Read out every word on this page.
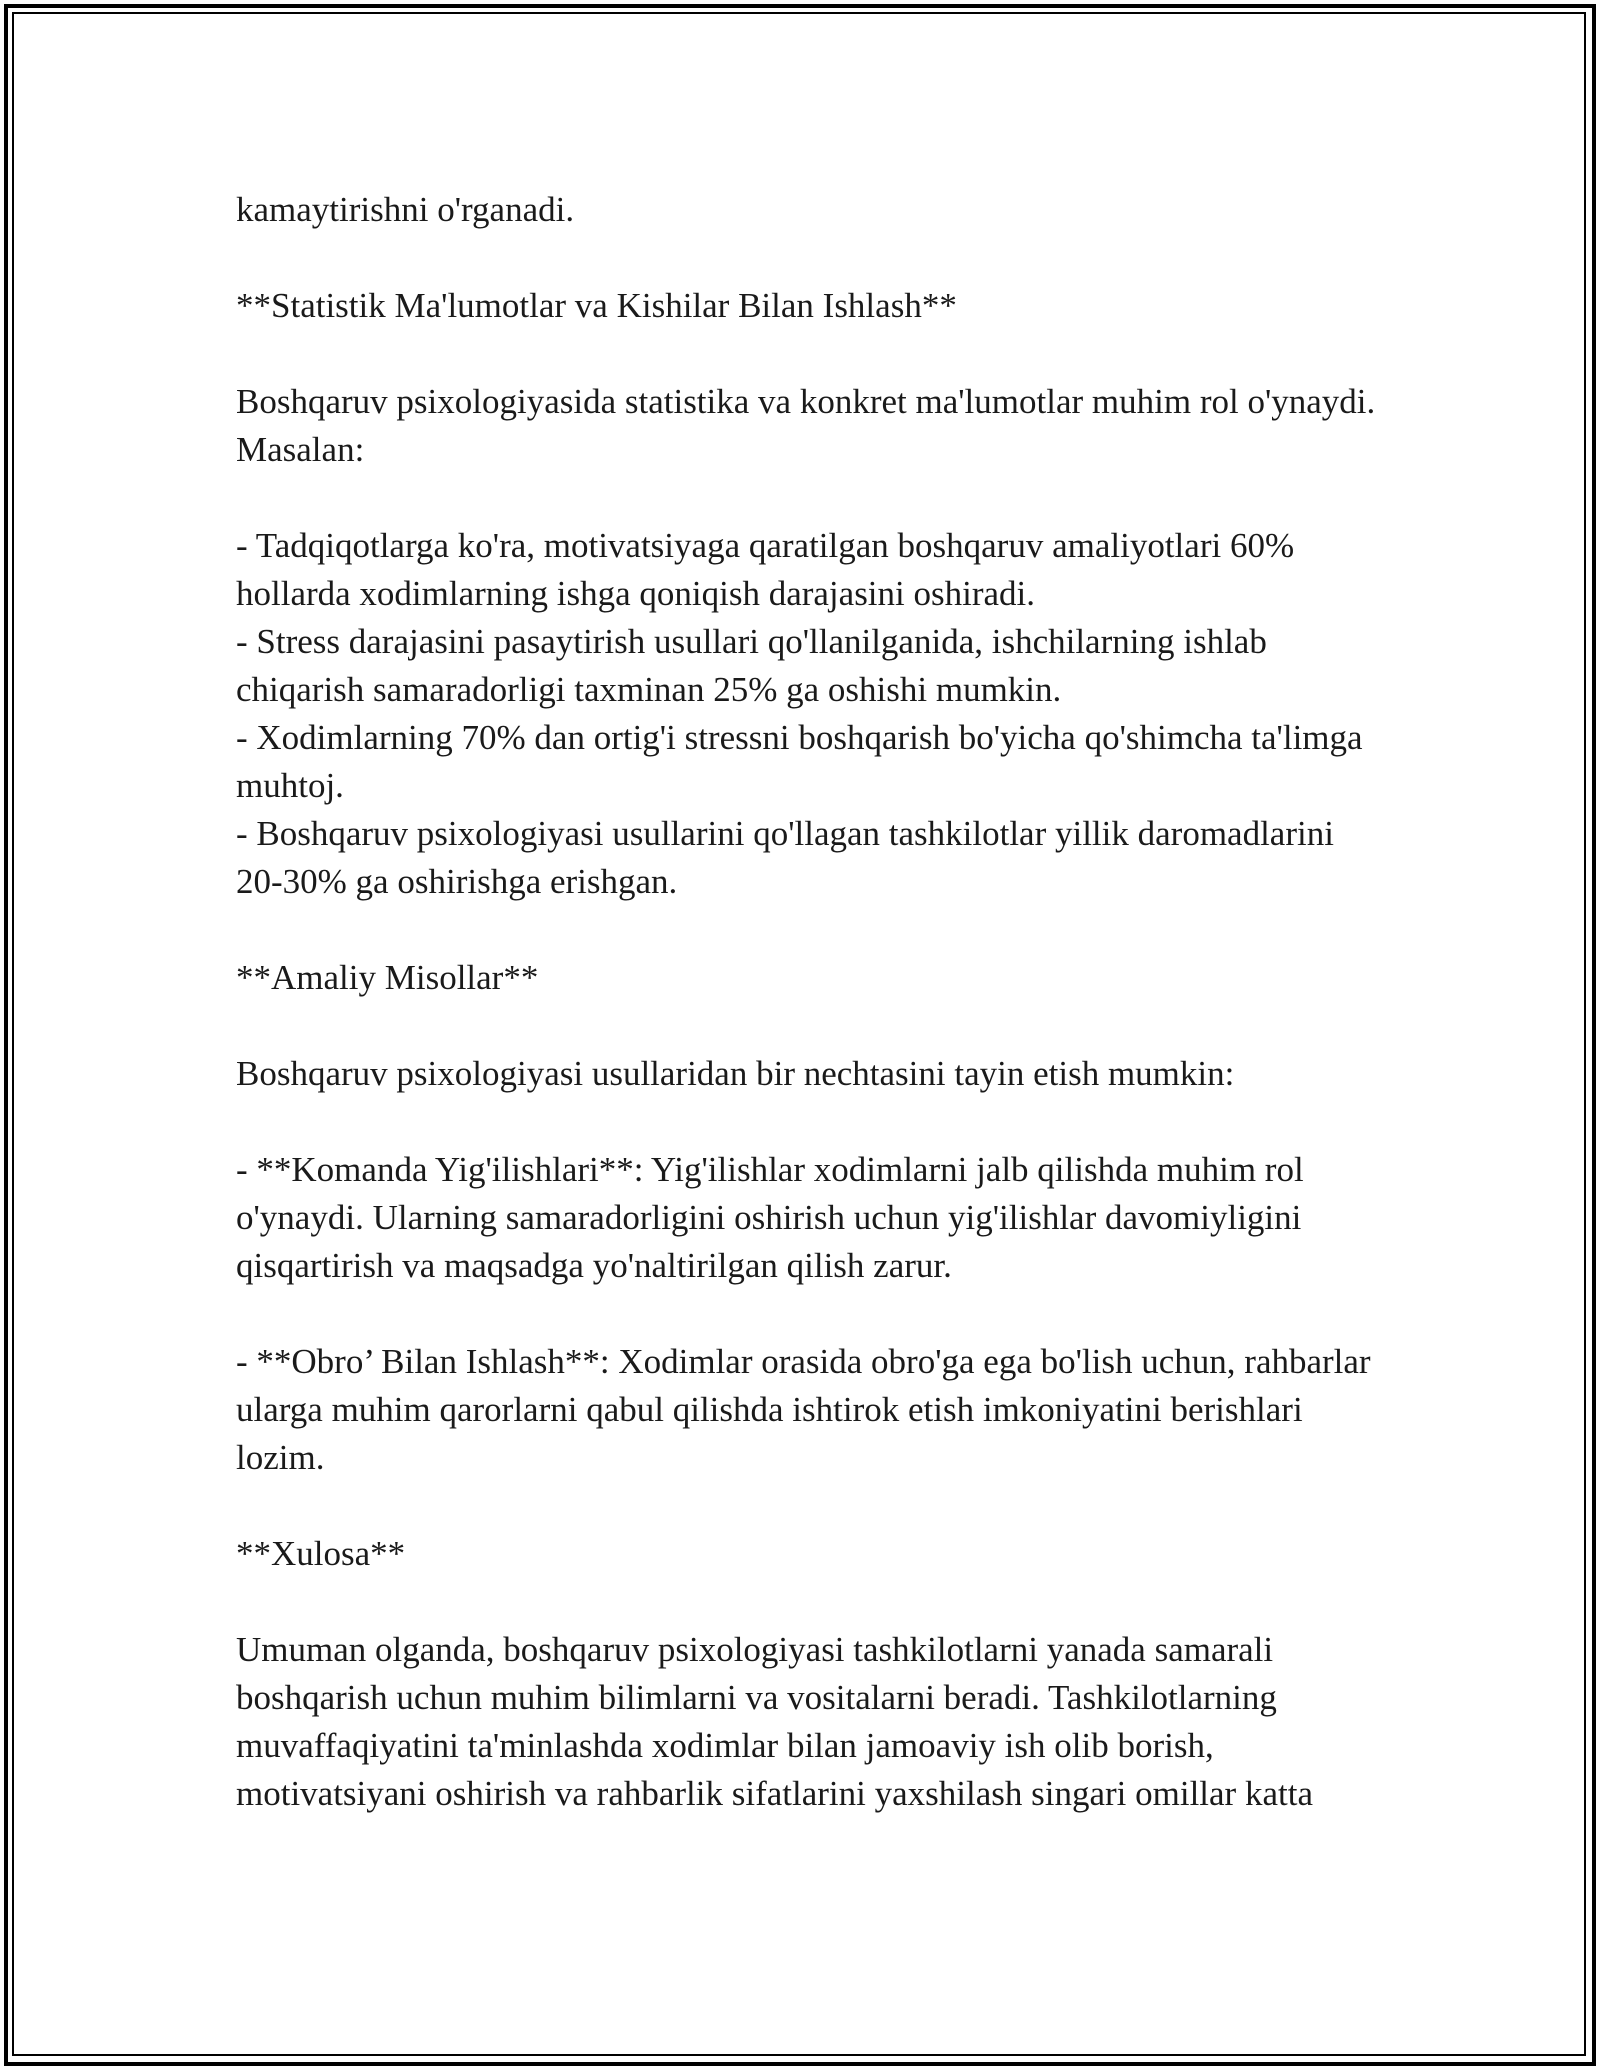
kamaytirishni o'rganadi.

**Statistik Ma'lumotlar va Kishilar Bilan Ishlash**

Boshqaruv psixologiyasida statistika va konkret ma'lumotlar muhim rol o'ynaydi. Masalan:

- Tadqiqotlarga ko'ra, motivatsiyaga qaratilgan boshqaruv amaliyotlari 60% hollarda xodimlarning ishga qoniqish darajasini oshiradi.

- Stress darajasini pasaytirish usullari qo'llanilganida, ishchilarning ishlab chiqarish samaradorligi taxminan 25% ga oshishi mumkin.

- Xodimlarning 70% dan ortig'i stressni boshqarish bo'yicha qo'shimcha ta'limga muhtoj.

- Boshqaruv psixologiyasi usullarini qo'llagan tashkilotlar yillik daromadlarini 20-30% ga oshirishga erishgan.

**Amaliy Misollar**

Boshqaruv psixologiyasi usullaridan bir nechtasini tayin etish mumkin:

- **Komanda Yig'ilishlari**: Yig'ilishlar xodimlarni jalb qilishda muhim rol o'ynaydi. Ularning samaradorligini oshirish uchun yig'ilishlar davomiyligini qisqartirish va maqsadga yo'naltirilgan qilish zarur.

- **Obro’ Bilan Ishlash**: Xodimlar orasida obro'ga ega bo'lish uchun, rahbarlar ularga muhim qarorlarni qabul qilishda ishtirok etish imkoniyatini berishlari lozim.

**Xulosa**

Umuman olganda, boshqaruv psixologiyasi tashkilotlarni yanada samarali boshqarish uchun muhim bilimlarni va vositalarni beradi. Tashkilotlarning muvaffaqiyatini ta'minlashda xodimlar bilan jamoaviy ish olib borish, motivatsiyani oshirish va rahbarlik sifatlarini yaxshilash singari omillar katta
